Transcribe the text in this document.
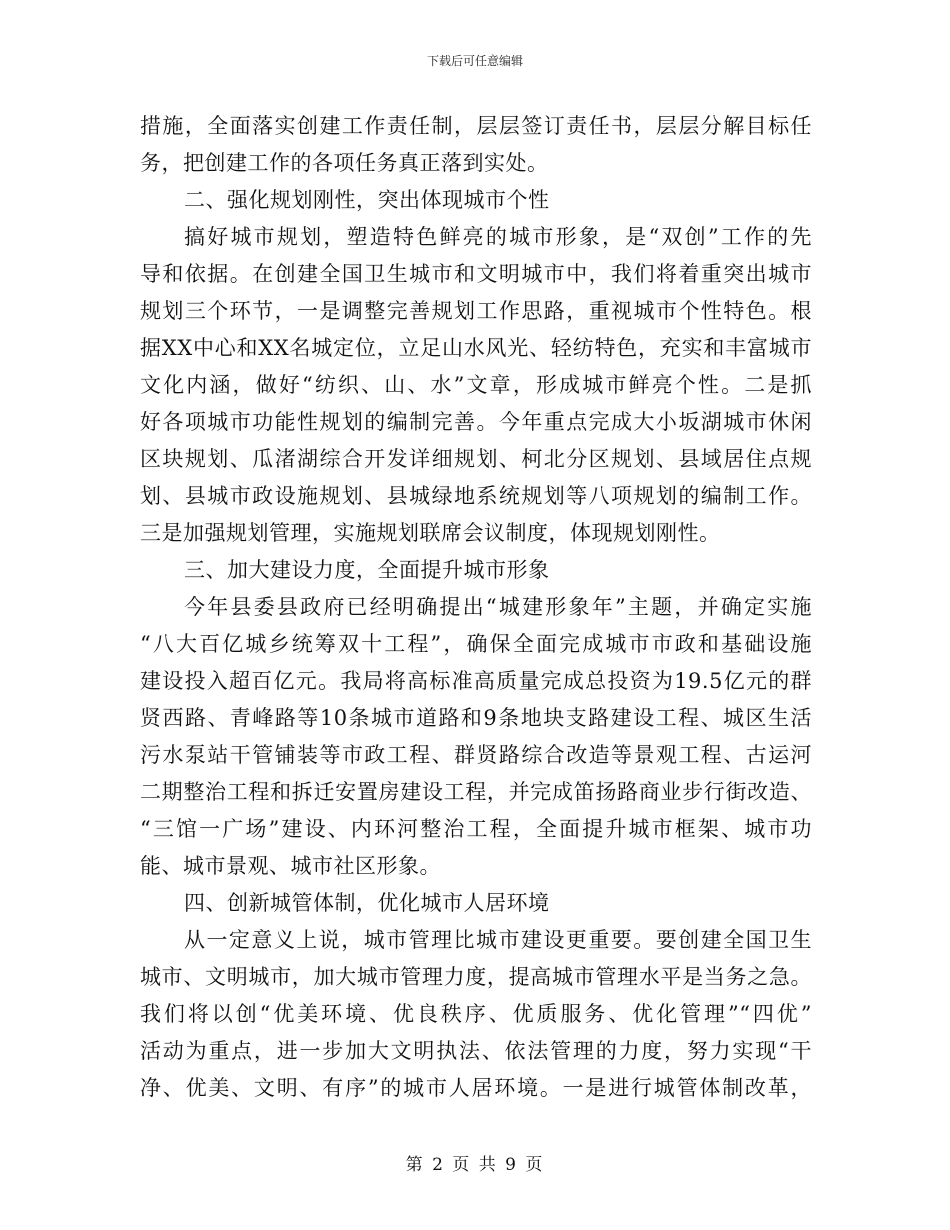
下载后可任意编辑
措施，全面落实创建工作责任制，层层签订责任书，层层分解目标任
务，把创建工作的各项任务真正落到实处。
二、强化规划刚性，突出体现城市个性
搞好城市规划，塑造特色鲜亮的城市形象，是“双创”工作的先
导和依据。在创建全国卫生城市和文明城市中，我们将着重突出城市
规划三个环节，一是调整完善规划工作思路，重视城市个性特色。根
据XX中心和XX名城定位，立足山水风光、轻纺特色，充实和丰富城市
文化内涵，做好“纺织、山、水”文章，形成城市鲜亮个性。二是抓
好各项城市功能性规划的编制完善。今年重点完成大小坂湖城市休闲
区块规划、瓜渚湖综合开发详细规划、柯北分区规划、县域居住点规
划、县城市政设施规划、县城绿地系统规划等八项规划的编制工作。
三是加强规划管理，实施规划联席会议制度，体现规划刚性。
三、加大建设力度，全面提升城市形象
今年县委县政府已经明确提出“城建形象年”主题，并确定实施
“八大百亿城乡统筹双十工程”，确保全面完成城市市政和基础设施
建设投入超百亿元。我局将高标准高质量完成总投资为19.5亿元的群
贤西路、青峰路等10条城市道路和9条地块支路建设工程、城区生活
污水泵站干管铺装等市政工程、群贤路综合改造等景观工程、古运河
二期整治工程和拆迁安置房建设工程，并完成笛扬路商业步行街改造、
“三馆一广场”建设、内环河整治工程，全面提升城市框架、城市功
能、城市景观、城市社区形象。
四、创新城管体制，优化城市人居环境
从一定意义上说，城市管理比城市建设更重要。要创建全国卫生
城市、文明城市，加大城市管理力度，提高城市管理水平是当务之急。
我们将以创“优美环境、优良秩序、优质服务、优化管理”“四优”
活动为重点，进一步加大文明执法、依法管理的力度，努力实现“干
净、优美、文明、有序”的城市人居环境。一是进行城管体制改革，
第 2 页 共 9 页
